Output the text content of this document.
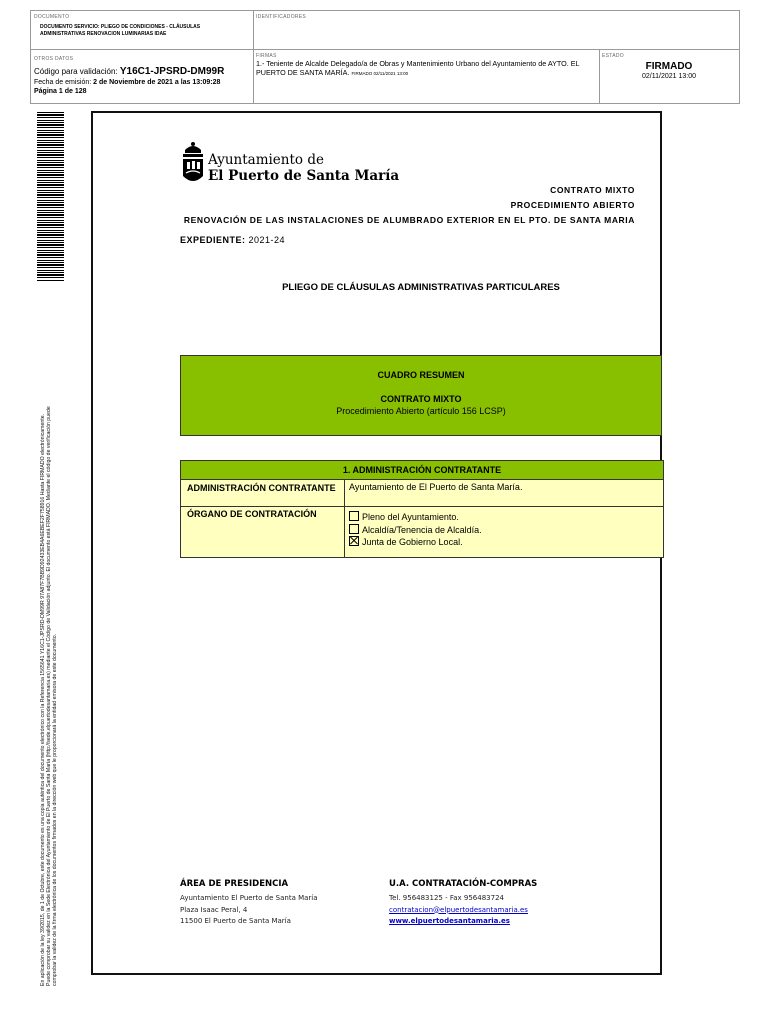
DOCUMENTO
DOCUMENTO SERVICIO: PLIEGO DE CONDICIONES - CLÁUSULAS ADMINISTRATIVAS RENOVACION LUMINARIAS IDAE
IDENTIFICADORES
OTROS DATOS
Código para validación: Y16C1-JPSRD-DM99R
Fecha de emisión: 2 de Noviembre de 2021 a las 13:09:28
Página 1 de 128
FIRMAS
1.- Teniente de Alcalde Delegado/a de Obras y Mantenimiento Urbano del Ayuntamiento de AYTO. EL PUERTO DE SANTA MARÍA. FIRMADO 02/11/2021 13:00
ESTADO
FIRMADO
02/11/2021 13:00
En aplicación de la ley 39/2015, de 1 de Octubre, este documento es una copia auténtica del documento electrónico con la Referencia 1565641 Y16C1-JPSRD-DM99R 97A87F7BB9D92433EB4A6EBEF2F758916 Hasta FIRMADO electrónicamente. Puede comprobar su validez en la Sede Electrónica del Ayuntamiento de El Puerto de Santa María (http://sede.elpuertodesantamaria.es) mediante el Código de Validación adjunto. El documento está FIRMADO. Mediante el código de verificación puede comprobar la validez de la firma electrónica de los documentos firmados en la dirección web que le proporcionará la entidad emisora de este documento.
Ayuntamiento de
El Puerto de Santa María
CONTRATO MIXTO
PROCEDIMIENTO ABIERTO
RENOVACIÓN DE LAS INSTALACIONES DE ALUMBRADO EXTERIOR EN EL PTO. DE SANTA MARIA
EXPEDIENTE: 2021-24
PLIEGO DE CLÁUSULAS ADMINISTRATIVAS PARTICULARES
CUADRO RESUMEN
CONTRATO MIXTO
Procedimiento Abierto (artículo 156 LCSP)
1. ADMINISTRACIÓN CONTRATANTE
ADMINISTRACIÓN CONTRATANTE Ayuntamiento de El Puerto de Santa María.
ÓRGANO DE CONTRATACIÓN	Pleno del Ayuntamiento.
Alcaldía/Tenencia de Alcaldía.
Junta de Gobierno Local.
ÁREA DE PRESIDENCIA
Ayuntamiento El Puerto de Santa María
Plaza Isaac Peral, 4
11500 El Puerto de Santa María
U.A. CONTRATACIÓN-COMPRAS
Tel. 956483125 - Fax 956483724
contratacion@elpuertodesantamaria.es
www.elpuertodesantamaria.es
